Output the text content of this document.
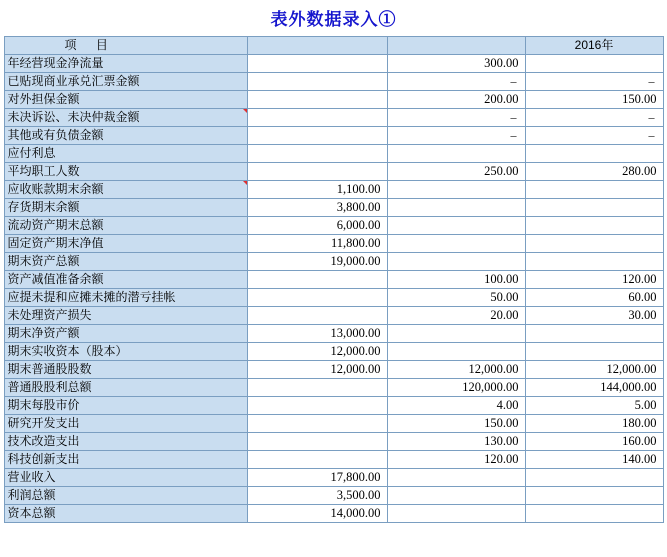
表外数据录入①
项 目			2016年
年经营现金净流量		300.00	
已贴现商业承兑汇票金额		–	–
对外担保金额		200.00	150.00
未决诉讼、未决仲裁金额		–	–
其他或有负债金额		–	–
应付利息			
平均职工人数		250.00	280.00
应收账款期末余额	1,100.00		
存货期末余额	3,800.00		
流动资产期末总额	6,000.00		
固定资产期末净值	11,800.00		
期末资产总额	19,000.00		
资产减值准备余额		100.00	120.00
应提未提和应摊未摊的潜亏挂帐		50.00	60.00
未处理资产损失		20.00	30.00
期末净资产额	13,000.00		
期末实收资本（股本）	12,000.00		
期末普通股股数	12,000.00	12,000.00	12,000.00
普通股股利总额		120,000.00	144,000.00
期末每股市价		4.00	5.00
研究开发支出		150.00	180.00
技术改造支出		130.00	160.00
科技创新支出		120.00	140.00
营业收入	17,800.00		
利润总额	3,500.00		
资本总额	14,000.00		
